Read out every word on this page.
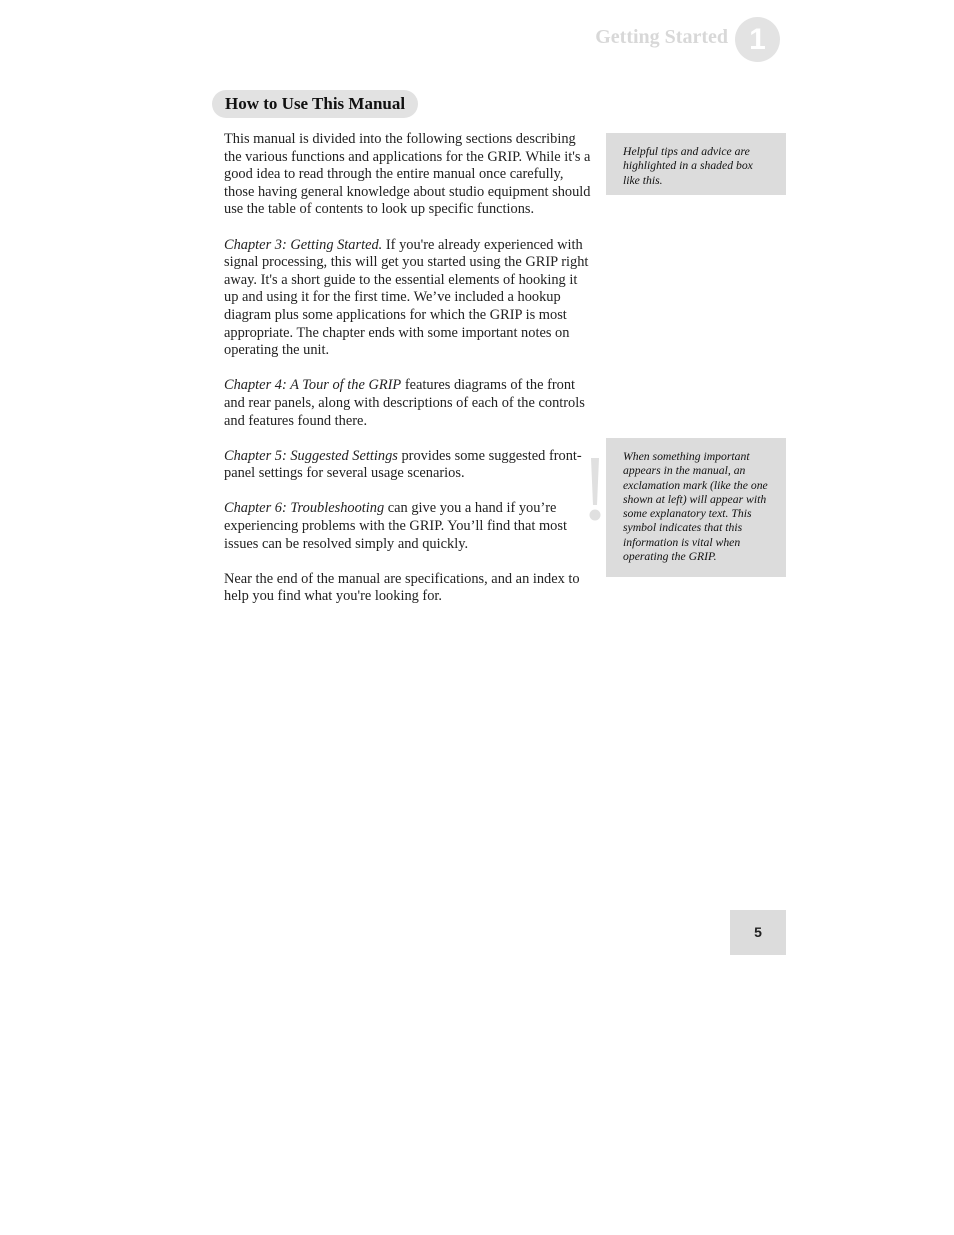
Getting Started 1
How to Use This Manual

This manual is divided into the following sections describing the various functions and applications for the GRIP. While it's a good idea to read through the entire manual once carefully, those having general knowledge about studio equipment should use the table of contents to look up specific functions.

Chapter 3: Getting Started. If you're already experienced with signal processing, this will get you started using the GRIP right away. It's a short guide to the essential elements of hooking it up and using it for the first time. We’ve included a hookup diagram plus some applications for which the GRIP is most appropriate. The chapter ends with some important notes on operating the unit.

Chapter 4: A Tour of the GRIP features diagrams of the front and rear panels, along with descriptions of each of the controls and features found there.

Chapter 5: Suggested Settings provides some suggested front-panel settings for several usage scenarios.

Chapter 6: Troubleshooting can give you a hand if you’re experiencing problems with the GRIP. You’ll find that most issues can be resolved simply and quickly.

Near the end of the manual are specifications, and an index to help you find what you're looking for.

Helpful tips and advice are highlighted in a shaded box like this.
When something important appears in the manual, an exclamation mark (like the one shown at left) will appear with some explanatory text. This symbol indicates that this information is vital when operating the GRIP.
5
